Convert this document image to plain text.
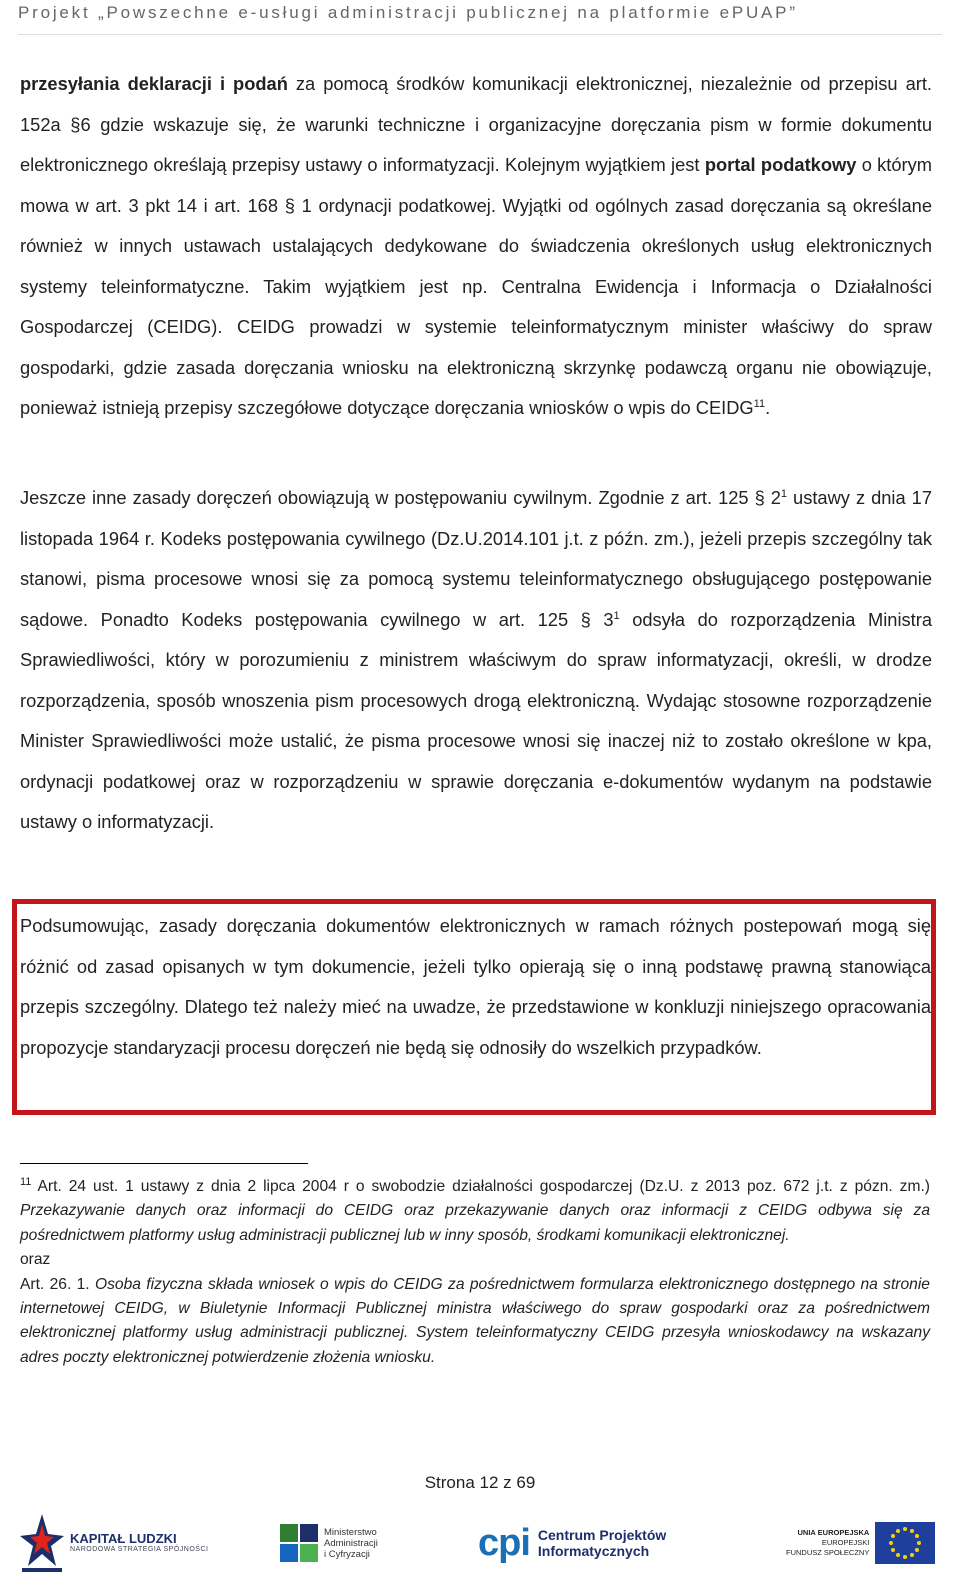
Projekt „Powszechne e-usługi administracji publicznej na platformie ePUAP”
przesyłania deklaracji i podań za pomocą środków komunikacji elektronicznej, niezależnie od przepisu art. 152a §6 gdzie wskazuje się, że warunki techniczne i organizacyjne doręczania pism w formie dokumentu elektronicznego określają przepisy ustawy o informatyzacji. Kolejnym wyjątkiem jest portal podatkowy o którym mowa w art. 3 pkt 14 i art. 168 § 1 ordynacji podatkowej. Wyjątki od ogólnych zasad doręczania są określane również w innych ustawach ustalających dedykowane do świadczenia określonych usług elektronicznych systemy teleinformatyczne. Takim wyjątkiem jest np. Centralna Ewidencja i Informacja o Działalności Gospodarczej (CEIDG). CEIDG prowadzi w systemie teleinformatycznym minister właściwy do spraw gospodarki, gdzie zasada doręczania wniosku na elektroniczną skrzynkę podawczą organu nie obowiązuje, ponieważ istnieją przepisy szczegółowe dotyczące doręczania wniosków o wpis do CEIDG$^{11}$.
Jeszcze inne zasady doręczeń obowiązują w postępowaniu cywilnym. Zgodnie z art. 125 § $2^1$ ustawy z dnia 17 listopada 1964 r. Kodeks postępowania cywilnego (Dz.U.2014.101 j.t. z późn. zm.), jeżeli przepis szczególny tak stanowi, pisma procesowe wnosi się za pomocą systemu teleinformatycznego obsługującego postępowanie sądowe. Ponadto Kodeks postępowania cywilnego w art. 125 § $3^1$ odsyła do rozporządzenia Ministra Sprawiedliwości, który w porozumieniu z ministrem właściwym do spraw informatyzacji, określi, w drodze rozporządzenia, sposób wnoszenia pism procesowych drogą elektroniczną. Wydając stosowne rozporządzenie Minister Sprawiedliwości może ustalić, że pisma procesowe wnosi się inaczej niż to zostało określone w kpa, ordynacji podatkowej oraz w rozporządzeniu w sprawie doręczania e-dokumentów wydanym na podstawie ustawy o informatyzacji.
Podsumowując, zasady doręczania dokumentów elektronicznych w ramach różnych postepowań mogą się różnić od zasad opisanych w tym dokumencie, jeżeli tylko opierają się o inną podstawę prawną stanowiąca przepis szczególny. Dlatego też należy mieć na uwadze, że przedstawione w konkluzji niniejszego opracowania propozycje standaryzacji procesu doręczeń nie będą się odnosiły do wszelkich przypadków.
$^{11}$ Art. 24 ust. 1 ustawy z dnia 2 lipca 2004 r o swobodzie działalności gospodarczej (Dz.U. z 2013 poz. 672 j.t. z pózn. zm.) Przekazywanie danych oraz informacji do CEIDG oraz przekazywanie danych oraz informacji z CEIDG odbywa się za pośrednictwem platformy usług administracji publicznej lub w inny sposób, środkami komunikacji elektronicznej.
oraz
Art. 26. 1. Osoba fizyczna składa wniosek o wpis do CEIDG za pośrednictwem formularza elektronicznego dostępnego na stronie internetowej CEIDG, w Biuletynie Informacji Publicznej ministra właściwego do spraw gospodarki oraz za pośrednictwem elektronicznej platformy usług administracji publicznej. System teleinformatyczny CEIDG przesyła wnioskodawcy na wskazany adres poczty elektronicznej potwierdzenie złożenia wniosku.
Strona 12 z 69
KAPITAŁ LUDZKI
NARODOWA STRATEGIA SPÓJNOŚCI
Ministerstwo
Administracji
i Cyfryzacji	cpi Centrum Projektów
Informatycznych
UNIA EUROPEJSKA
EUROPEJSKI
FUNDUSZ SPOŁECZNY
